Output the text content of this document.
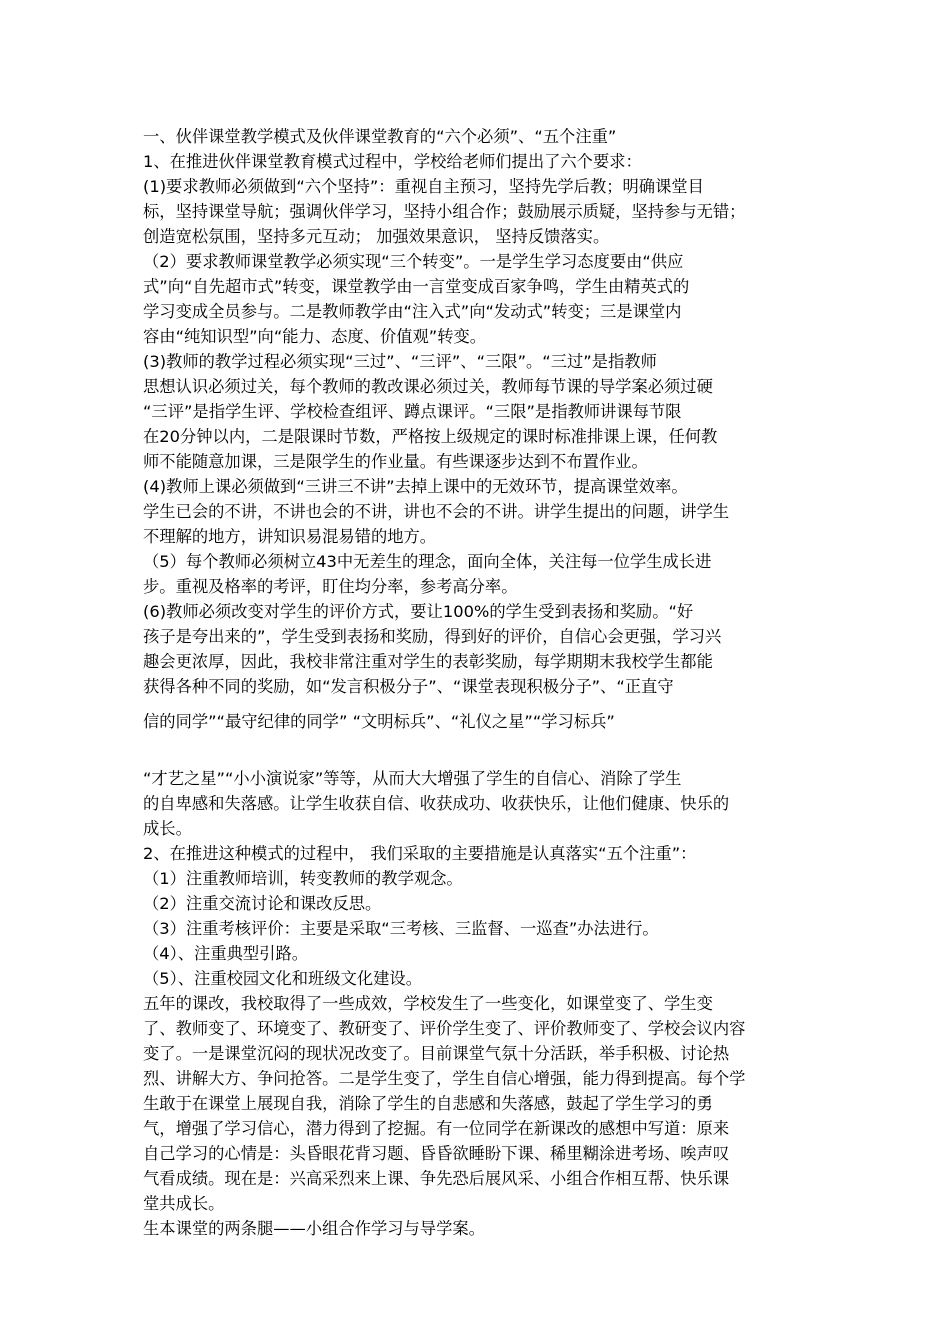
一、伙伴课堂教学模式及伙伴课堂教育的“六个必须”、“五个注重”
1、在推进伙伴课堂教育模式过程中，学校给老师们提出了六个要求：
(1)要求教师必须做到“六个坚持”：重视自主预习，坚持先学后教；明确课堂目
标，坚持课堂导航；强调伙伴学习，坚持小组合作；鼓励展示质疑，坚持参与无错；
创造宽松氛围，坚持多元互动； 加强效果意识， 坚持反馈落实。
（2）要求教师课堂教学必须实现“三个转变”。一是学生学习态度要由“供应
式”向“自先超市式”转变，课堂教学由一言堂变成百家争鸣，学生由精英式的
学习变成全员参与。二是教师教学由“注入式”向“发动式”转变；三是课堂内
容由“纯知识型”向“能力、态度、价值观”转变。
(3)教师的教学过程必须实现“三过”、“三评”、“三限”。“三过”是指教师
思想认识必须过关，每个教师的教改课必须过关，教师每节课的导学案必须过硬
“三评”是指学生评、学校检查组评、蹲点课评。“三限”是指教师讲课每节限
在20分钟以内，二是限课时节数，严格按上级规定的课时标准排课上课，任何教
师不能随意加课，三是限学生的作业量。有些课逐步达到不布置作业。
(4)教师上课必须做到“三讲三不讲”去掉上课中的无效环节，提高课堂效率。
学生已会的不讲，不讲也会的不讲，讲也不会的不讲。讲学生提出的问题，讲学生
不理解的地方，讲知识易混易错的地方。
（5）每个教师必须树立43中无差生的理念，面向全体，关注每一位学生成长进
步。重视及格率的考评，盯住均分率，参考高分率。
(6)教师必须改变对学生的评价方式，要让100%的学生受到表扬和奖励。“好
孩子是夸出来的”，学生受到表扬和奖励，得到好的评价，自信心会更强，学习兴
趣会更浓厚，因此，我校非常注重对学生的表彰奖励，每学期期末我校学生都能
获得各种不同的奖励，如“发言积极分子”、“课堂表现积极分子”、“正直守
信的同学”“最守纪律的同学” “文明标兵”、“礼仪之星”“学习标兵”
“才艺之星”“小小演说家”等等，从而大大增强了学生的自信心、消除了学生
的自卑感和失落感。让学生收获自信、收获成功、收获快乐，让他们健康、快乐的
成长。
2、在推进这种模式的过程中， 我们采取的主要措施是认真落实“五个注重”：
（1）注重教师培训，转变教师的教学观念。
（2）注重交流讨论和课改反思。
（3）注重考核评价：主要是采取“三考核、三监督、一巡查”办法进行。
（4）、注重典型引路。
（5）、注重校园文化和班级文化建设。
五年的课改，我校取得了一些成效，学校发生了一些变化，如课堂变了、学生变
了、教师变了、环境变了、教研变了、评价学生变了、评价教师变了、学校会议内容
变了。一是课堂沉闷的现状况改变了。目前课堂气氛十分活跃，举手积极、讨论热
烈、讲解大方、争问抢答。二是学生变了，学生自信心增强，能力得到提高。每个学
生敢于在课堂上展现自我，消除了学生的自悲感和失落感，鼓起了学生学习的勇
气，增强了学习信心，潜力得到了挖掘。有一位同学在新课改的感想中写道：原来
自己学习的心情是：头昏眼花背习题、昏昏欲睡盼下课、稀里糊涂进考场、唉声叹
气看成绩。现在是：兴高采烈来上课、争先恐后展风采、小组合作相互帮、快乐课
堂共成长。
生本课堂的两条腿——小组合作学习与导学案。
